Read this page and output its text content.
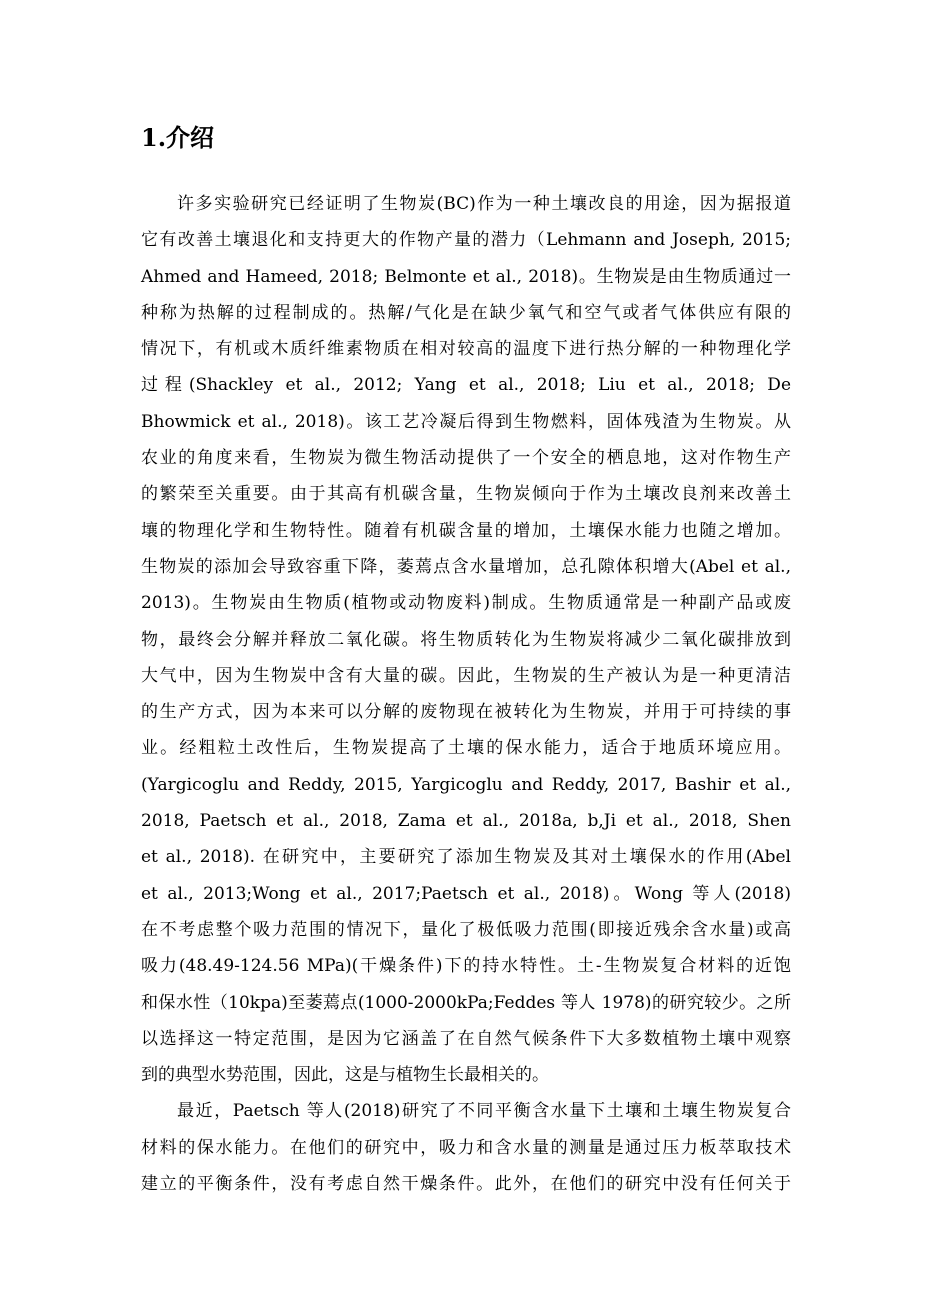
1.介绍
许多实验研究已经证明了生物炭(BC)作为一种土壤改良的用途，因为据报道
它有改善土壤退化和支持更大的作物产量的潜力（Lehmann and Joseph, 2015;
Ahmed and Hameed, 2018; Belmonte et al., 2018)。生物炭是由生物质通过一
种称为热解的过程制成的。热解/气化是在缺少氧气和空气或者气体供应有限的
情况下，有机或木质纤维素物质在相对较高的温度下进行热分解的一种物理化学
过程(Shackley et al., 2012; Yang et al., 2018; Liu et al., 2018; De
Bhowmick et al., 2018)。该工艺冷凝后得到生物燃料，固体残渣为生物炭。从
农业的角度来看，生物炭为微生物活动提供了一个安全的栖息地，这对作物生产
的繁荣至关重要。由于其高有机碳含量，生物炭倾向于作为土壤改良剂来改善土
壤的物理化学和生物特性。随着有机碳含量的增加，土壤保水能力也随之增加。
生物炭的添加会导致容重下降，萎蔫点含水量增加，总孔隙体积增大(Abel et al.,
2013)。生物炭由生物质(植物或动物废料)制成。生物质通常是一种副产品或废
物，最终会分解并释放二氧化碳。将生物质转化为生物炭将减少二氧化碳排放到
大气中，因为生物炭中含有大量的碳。因此，生物炭的生产被认为是一种更清洁
的生产方式，因为本来可以分解的废物现在被转化为生物炭，并用于可持续的事
业。经粗粒土改性后，生物炭提高了土壤的保水能力，适合于地质环境应用。
(Yargicoglu and Reddy, 2015, Yargicoglu and Reddy, 2017, Bashir et al.,
2018, Paetsch et al., 2018, Zama et al., 2018a, b,Ji et al., 2018, Shen
et al., 2018). 在研究中，主要研究了添加生物炭及其对土壤保水的作用(Abel
et al., 2013;Wong et al., 2017;Paetsch et al., 2018)。Wong 等人(2018)
在不考虑整个吸力范围的情况下，量化了极低吸力范围(即接近残余含水量)或高
吸力(48.49-124.56 MPa)(干燥条件)下的持水特性。土-生物炭复合材料的近饱
和保水性（10kpa)至萎蔫点(1000-2000kPa;Feddes 等人 1978)的研究较少。之所
以选择这一特定范围，是因为它涵盖了在自然气候条件下大多数植物土壤中观察
到的典型水势范围，因此，这是与植物生长最相关的。
最近，Paetsch 等人(2018)研究了不同平衡含水量下土壤和土壤生物炭复合
材料的保水能力。在他们的研究中，吸力和含水量的测量是通过压力板萃取技术
建立的平衡条件，没有考虑自然干燥条件。此外，在他们的研究中没有任何关于
